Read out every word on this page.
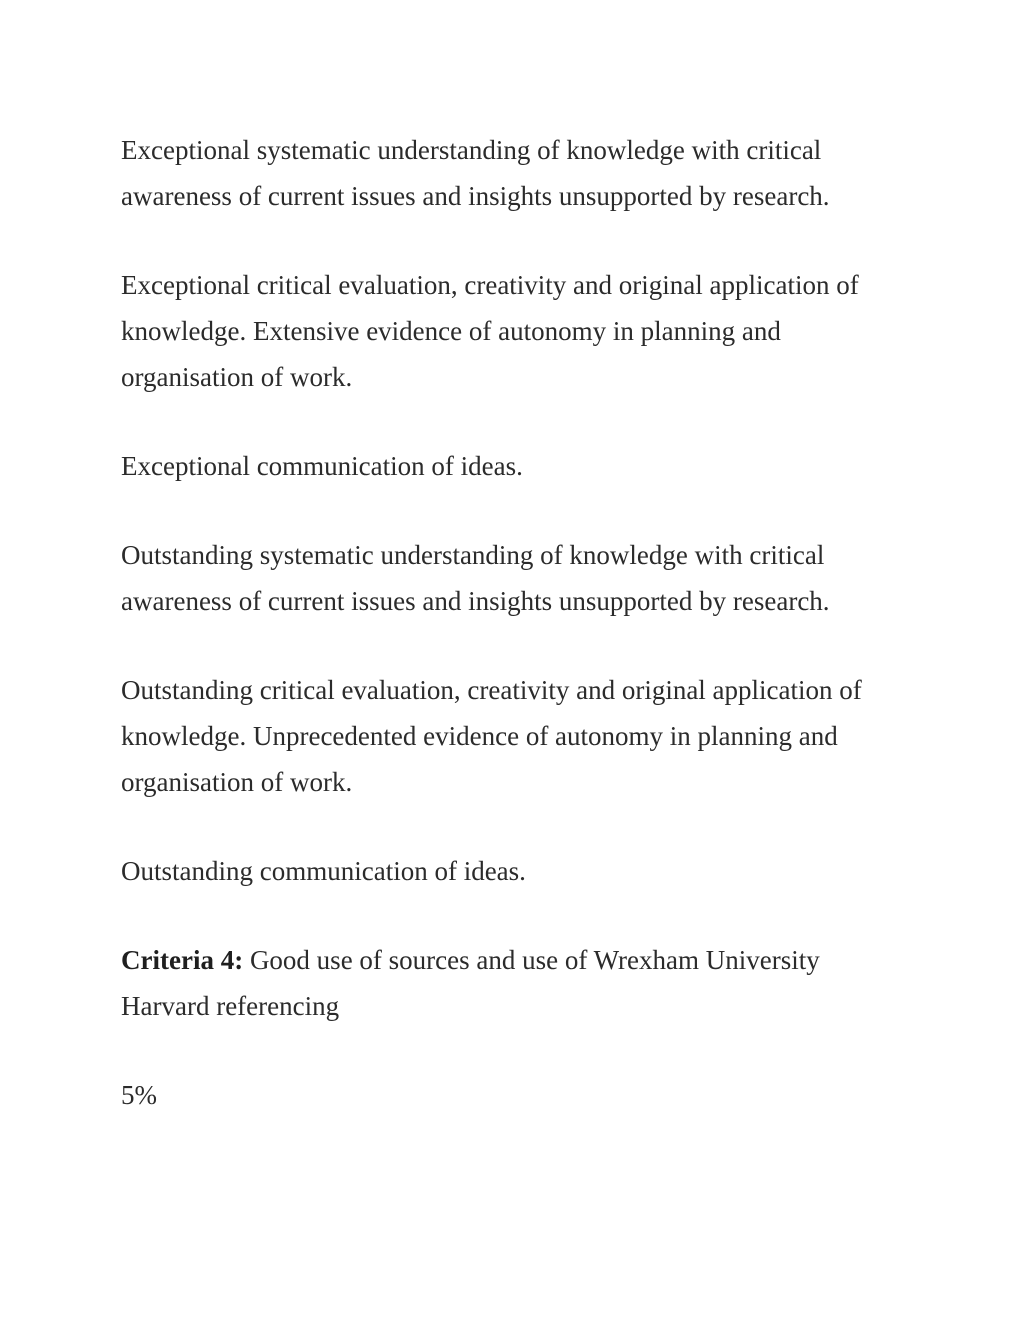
Exceptional systematic understanding of knowledge with critical awareness of current issues and insights unsupported by research.

Exceptional critical evaluation, creativity and original application of knowledge. Extensive evidence of autonomy in planning and organisation of work.

Exceptional communication of ideas.

Outstanding systematic understanding of knowledge with critical awareness of current issues and insights unsupported by research.

Outstanding critical evaluation, creativity and original application of knowledge. Unprecedented evidence of autonomy in planning and organisation of work.

Outstanding communication of ideas.

Criteria 4: Good use of sources and use of Wrexham University Harvard referencing

5%
